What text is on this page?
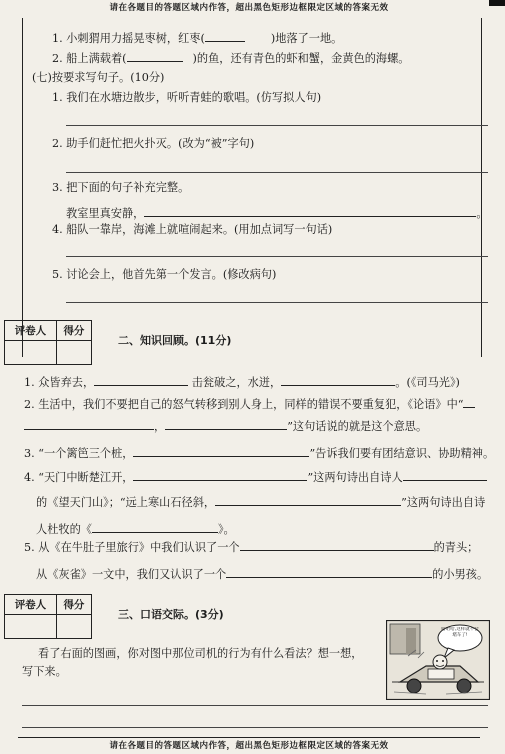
请在各题目的答题区域内作答，超出黑色矩形边框限定区域的答案无效
1. 小刺猬用力摇晃枣树，红枣(	)地落了一地。
2. 船上满载着(	)的鱼，还有青色的虾和蟹，金黄色的海螺。
(七)按要求写句子。(10分)
1. 我们在水塘边散步，听听青蛙的歌唱。(仿写拟人句)
2. 助手们赶忙把火扑灭。(改为“被”字句)
3. 把下面的句子补充完整。
教室里真安静，	。
4. 船队一靠岸，海滩上就喧闹起来。(用加点词写一句话)
5. 讨论会上，他首先第一个发言。(修改病句)
评卷人	得分

二、知识回顾。(11分)
1. 众皆弃去，	击瓮破之，水迸，	。(《司马光》)
2. 生活中，我们不要把自己的怒气转移到别人身上，同样的错误不要重复犯，《论语》中“
，	”这句话说的就是这个意思。
3. “一个篱笆三个桩，	”告诉我们要有团结意识、协助精神。
4. “天门中断楚江开，	”这两句诗出自诗人
的《望天门山》；“远上寒山石径斜，	”这两句诗出自诗
人杜牧的《	》。
5. 从《在牛肚子里旅行》中我们认识了一个	的青头；
从《灰雀》一文中，我们又认识了一个	的小男孩。
评卷人	得分

三、口语交际。(3分)
看了右面的图画，你对图中那位司机的行为有什么看法？想一想，
写下来。
哈哈哈,这样就不会堵车了!
请在各题目的答题区域内作答，超出黑色矩形边框限定区域的答案无效
